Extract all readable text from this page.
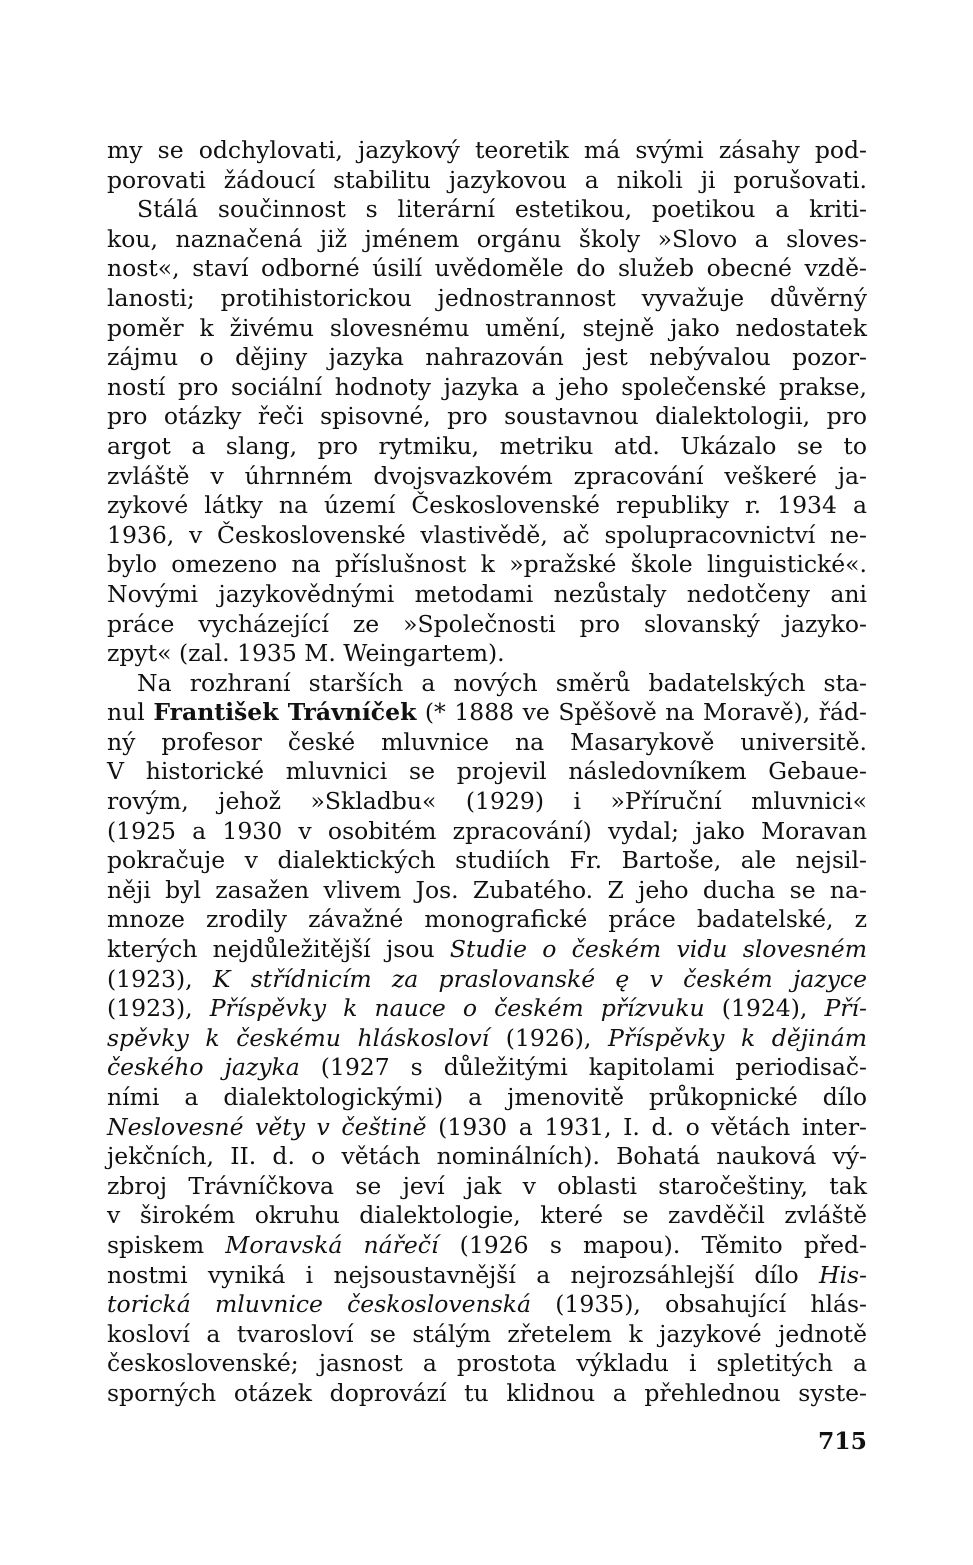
my se odchylovati, jazykový teoretik má svými zásahy pod-
porovati žádoucí stabilitu jazykovou a nikoli ji porušovati.
Stálá součinnost s literární estetikou, poetikou a kriti-
kou, naznačená již jménem orgánu školy »Slovo a sloves-
nost«, staví odborné úsilí uvědoměle do služeb obecné vzdě-
lanosti; protihistorickou jednostrannost vyvažuje důvěrný
poměr k živému slovesnému umění, stejně jako nedostatek
zájmu o dějiny jazyka nahrazován jest nebývalou pozor-
ností pro sociální hodnoty jazyka a jeho společenské prakse,
pro otázky řeči spisovné, pro soustavnou dialektologii, pro
argot a slang, pro rytmiku, metriku atd. Ukázalo se to
zvláště v úhrnném dvojsvazkovém zpracování veškeré ja-
zykové látky na území Československé republiky r. 1934 a
1936, v Československé vlastivědě, ač spolupracovnictví ne-
bylo omezeno na příslušnost k »pražské škole linguistické«.
Novými jazykovědnými metodami nezůstaly nedotčeny ani
práce vycházející ze »Společnosti pro slovanský jazyko-
zpyt« (zal. 1935 M. Weingartem).
Na rozhraní starších a nových směrů badatelských sta-
nul František Trávníček (* 1888 ve Spěšově na Moravě), řád-
ný profesor české mluvnice na Masarykově universitě.
V historické mluvnici se projevil následovníkem Gebaue-
rovým, jehož »Skladbu« (1929) i »Příruční mluvnici«
(1925 a 1930 v osobitém zpracování) vydal; jako Moravan
pokračuje v dialektických studiích Fr. Bartoše, ale nejsil-
něji byl zasažen vlivem Jos. Zubatého. Z jeho ducha se na-
mnoze zrodily závažné monografické práce badatelské, z
kterých nejdůležitější jsou Studie o českém vidu slovesném
(1923), K střídnicím za praslovanské ę v českém jazyce
(1923), Příspěvky k nauce o českém přízvuku (1924), Pří-
spěvky k českému hláskosloví (1926), Příspěvky k dějinám
českého jazyka (1927 s důležitými kapitolami periodisač-
ními a dialektologickými) a jmenovitě průkopnické dílo
Neslovesné věty v češtině (1930 a 1931, I. d. o větách inter-
jekčních, II. d. o větách nominálních). Bohatá nauková vý-
zbroj Trávníčkova se jeví jak v oblasti staročeštiny, tak
v širokém okruhu dialektologie, které se zavděčil zvláště
spiskem Moravská nářečí (1926 s mapou). Těmito před-
nostmi vyniká i nejsoustavnější a nejrozsáhlejší dílo His-
torická mluvnice československá (1935), obsahující hlás-
kosloví a tvarosloví se stálým zřetelem k jazykové jednotě
československé; jasnost a prostota výkladu i spletitých a
sporných otázek doprovází tu klidnou a přehlednou syste-
715
